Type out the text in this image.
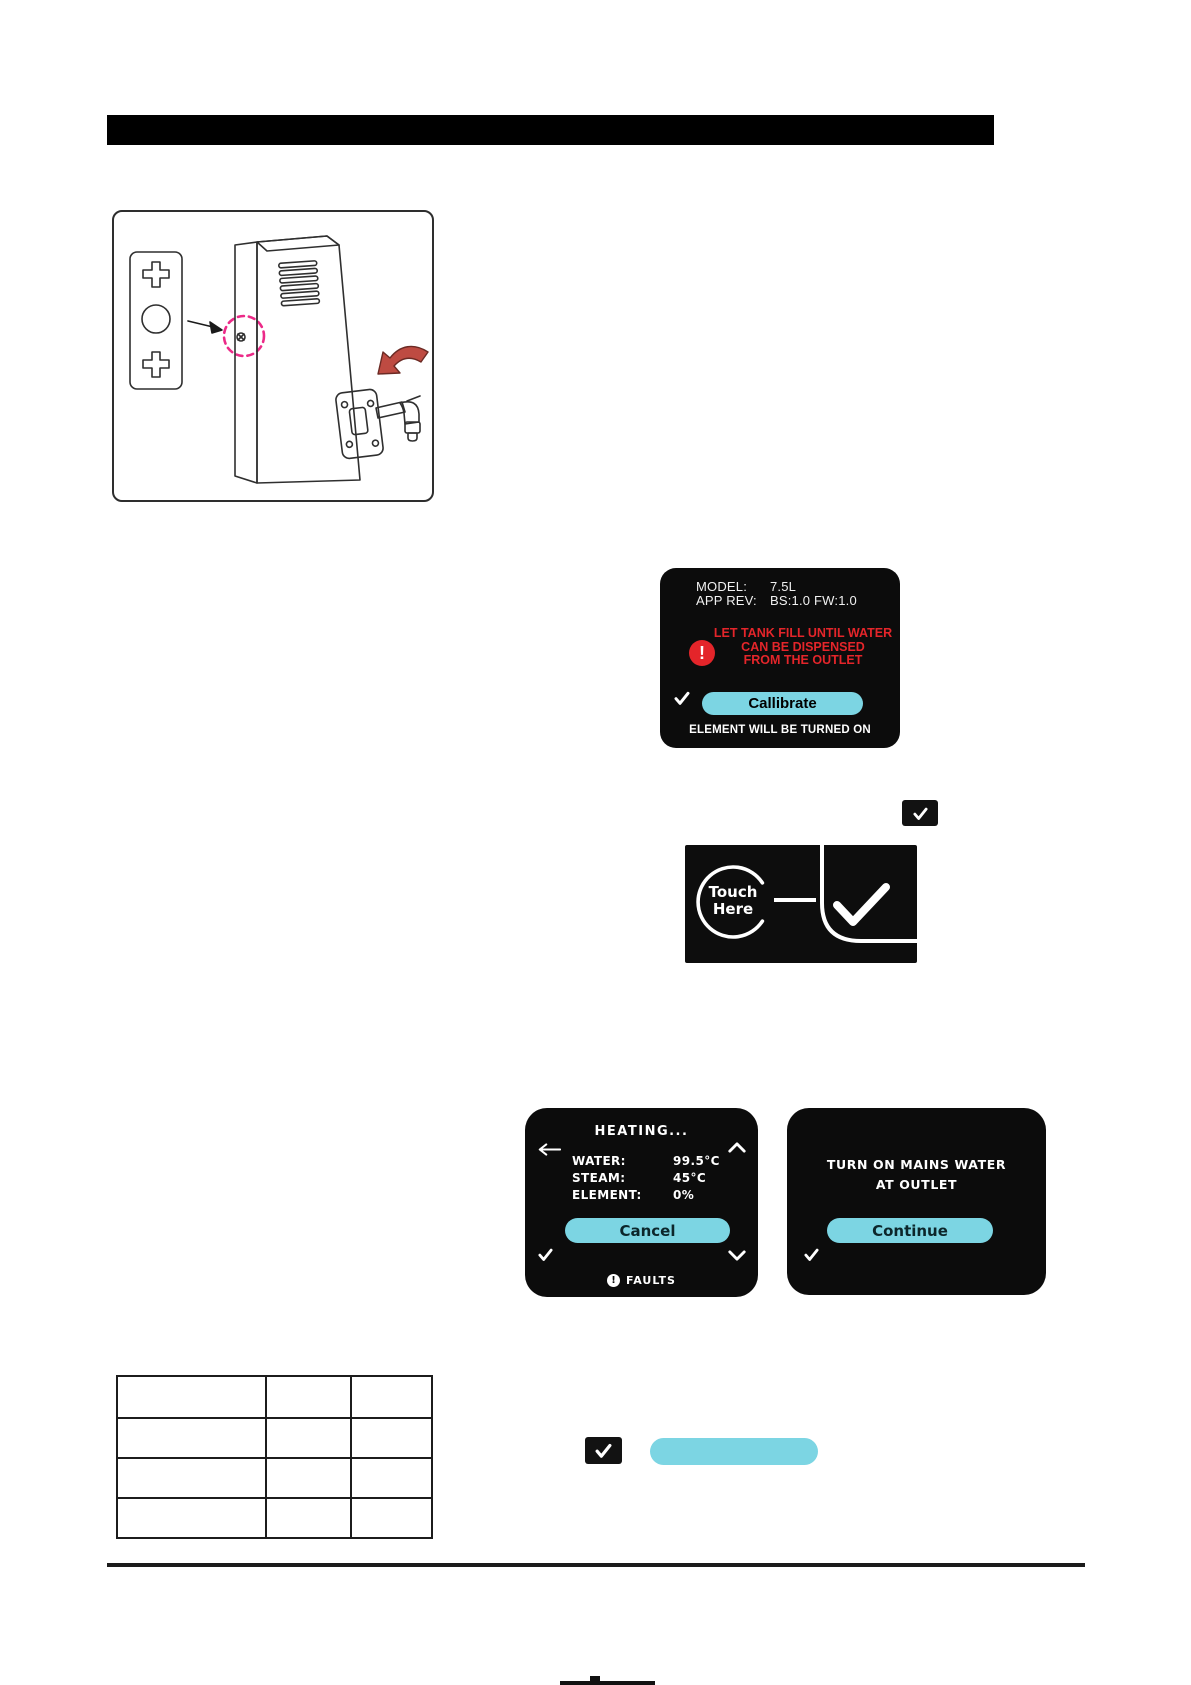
MODEL:	7.5L
APP REV:	BS:1.0 FW:1.0
!
LET TANK FILL UNTIL WATER
CAN BE DISPENSED
FROM THE OUTLET
Callibrate
ELEMENT WILL BE TURNED ON
Touch
Here
HEATING...
WATER:	99.5°C
STEAM:	45°C
ELEMENT:	0%
Cancel
! FAULTS
TURN ON MAINS WATER
AT OUTLET
Continue
